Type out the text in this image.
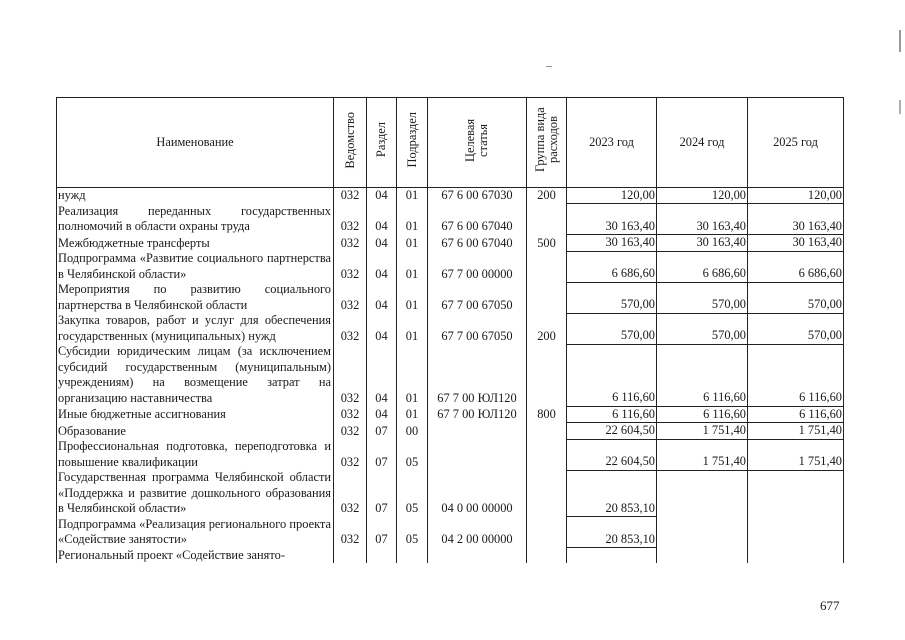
Наименование	Ведомство	Раздел	Подраздел	Целевая статья	Группа вида расходов	2023 год	2024 год	2025 год
нужд	032	04	01	67 6 00 67030	200	120,00	120,00	120,00
Реализация переданных государственных полномочий в области охраны труда	032	04	01	67 6 00 67040		30 163,40	30 163,40	30 163,40
Межбюджетные трансферты	032	04	01	67 6 00 67040	500	30 163,40	30 163,40	30 163,40
Подпрограмма «Развитие социального партнерства в Челябинской области»	032	04	01	67 7 00 00000		6 686,60	6 686,60	6 686,60
Мероприятия по развитию социального партнерства в Челябинской области	032	04	01	67 7 00 67050		570,00	570,00	570,00
Закупка товаров, работ и услуг для обеспечения государственных (муниципальных) нужд	032	04	01	67 7 00 67050	200	570,00	570,00	570,00
Субсидии юридическим лицам (за исключением субсидий государственным (муниципальным) учреждениям) на возмещение затрат на организацию наставничества	032	04	01	67 7 00 ЮЛ120		6 116,60	6 116,60	6 116,60
Иные бюджетные ассигнования	032	04	01	67 7 00 ЮЛ120	800	6 116,60	6 116,60	6 116,60
Образование	032	07	00			22 604,50	1 751,40	1 751,40
Профессиональная подготовка, переподготовка и повышение квалификации	032	07	05			22 604,50	1 751,40	1 751,40
Государственная программа Челябинской области «Поддержка и развитие дошкольного образования в Челябинской области»	032	07	05	04 0 00 00000		20 853,10		
Подпрограмма «Реализация регионального проекта «Содействие занятости»	032	07	05	04 2 00 00000		20 853,10		
Региональный проект «Содействие занято-								
677
